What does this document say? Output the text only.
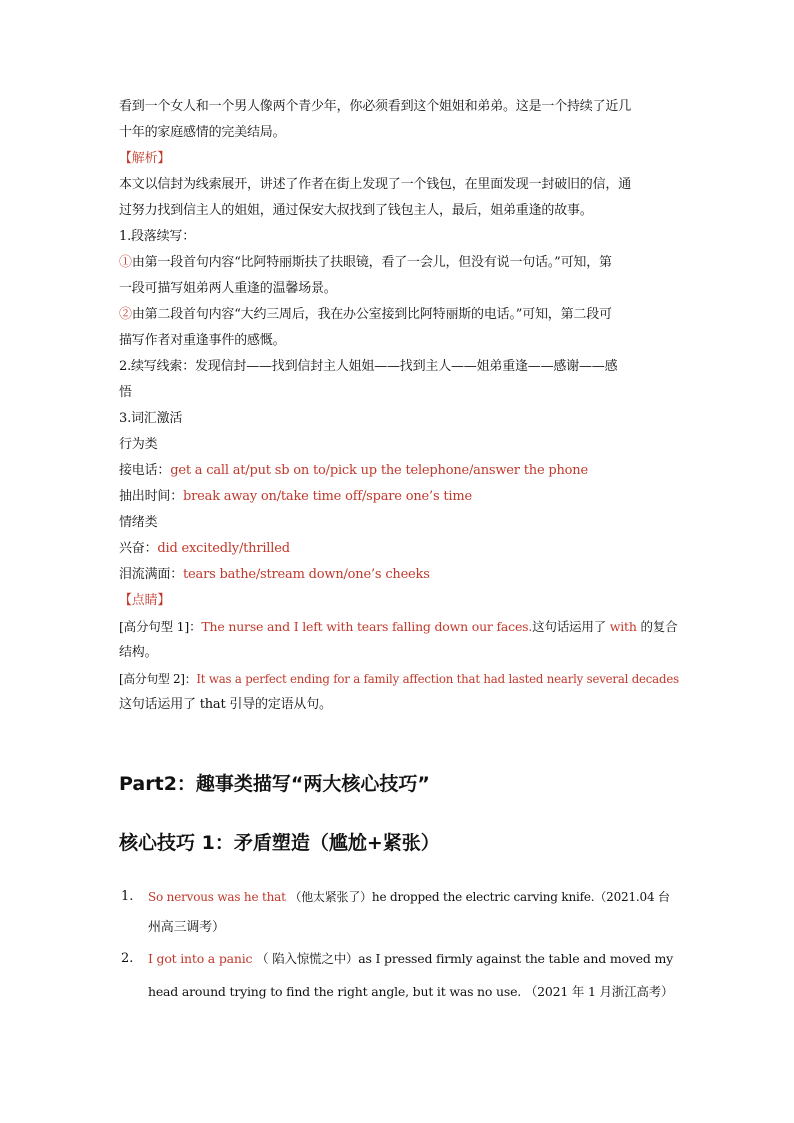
看到一个女人和一个男人像两个青少年，你必须看到这个姐姐和弟弟。这是一个持续了近几
十年的家庭感情的完美结局。
【解析】
本文以信封为线索展开，讲述了作者在街上发现了一个钱包，在里面发现一封破旧的信，通
过努力找到信主人的姐姐，通过保安大叔找到了钱包主人，最后，姐弟重逢的故事。
1.段落续写：
①由第一段首句内容“比阿特丽斯扶了扶眼镜，看了一会儿，但没有说一句话。”可知，第
一段可描写姐弟两人重逢的温馨场景。
②由第二段首句内容“大约三周后，我在办公室接到比阿特丽斯的电话。”可知，第二段可
描写作者对重逢事件的感慨。
2.续写线索：发现信封——找到信封主人姐姐——找到主人——姐弟重逢——感谢——感
悟
3.词汇激活
行为类
接电话：get a call at/put sb on to/pick up the telephone/answer the phone
抽出时间：break away on/take time off/spare one’s time
情绪类
兴奋：did excitedly/thrilled
泪流满面：tears bathe/stream down/one’s cheeks
【点睛】
[高分句型 1]：The nurse and I left with tears falling down our faces.这句话运用了 with 的复合
结构。
[高分句型 2]：It was a perfect ending for a family affection that had lasted nearly several decades
这句话运用了 that 引导的定语从句。
Part2：趣事类描写“两大核心技巧”
核心技巧 1：矛盾塑造（尴尬+紧张）
1. So nervous was he that （他太紧张了）he dropped the electric carving knife.（2021.04 台
州高三调考）
2. I got into a panic （ 陷入惊慌之中）as I pressed firmly against the table and moved my
head around trying to find the right angle, but it was no use. （2021 年 1 月浙江高考）
